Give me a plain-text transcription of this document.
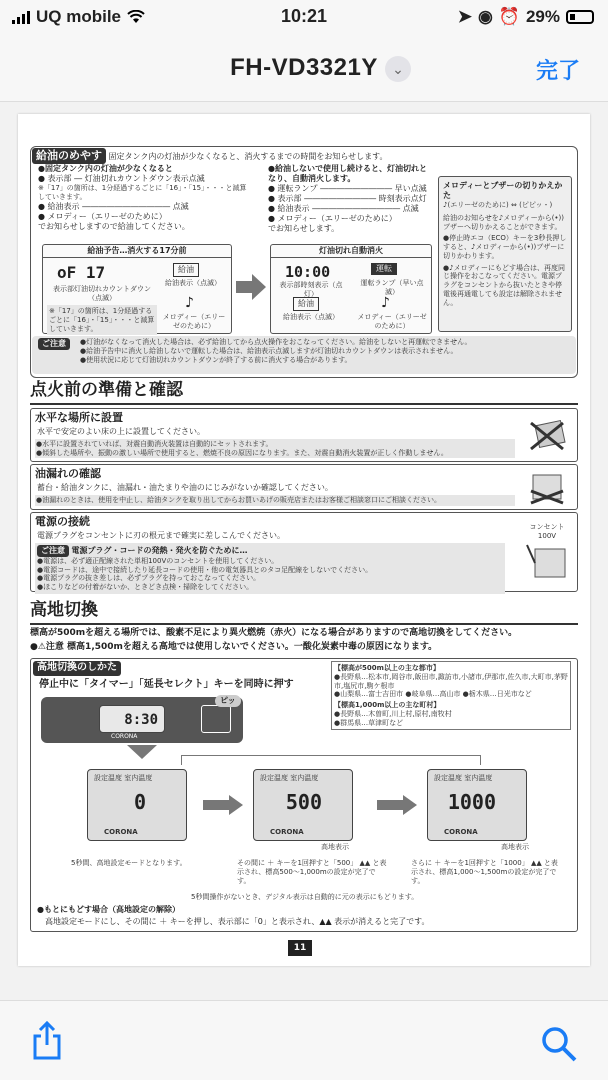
UQ mobile	10:21	➤ ◉ ⏰ 29%
FH-VD3321Y	⌄	完了
給油のめやす 固定タンク内の灯油が少なくなると、消火するまでの時間をお知らせします。
●固定タンク内の灯油が少なくなると
● 表示部 ― 灯油切れカウントダウン表示点滅
※「17」の箇所は、1分経過するごとに「16」・「15」・・・と減算していきます。
● 給油表示 ――――――――――― 点滅
● メロディー（エリーゼのために）
でお知らせしますので給油してください。
●給油しないで使用し続けると、灯油切れとなり、自動消火します。
● 運転ランプ ――――――――― 早い点滅
● 表示部 ――――――――― 時刻表示点灯
● 給油表示 ――――――――――― 点滅
● メロディー（エリーゼのために）
でお知らせします。
給油予告…消火する17分前
oF 17
表示部灯油切れカウントダウン（点滅）
※「17」の箇所は、1分経過するごとに「16」・「15」・・・と減算していきます。
給油
給油表示（点滅）
♪
メロディー（エリーゼのために）
灯油切れ自動消火
10:00
表示部時刻表示（点灯）
運転
運転ランプ（早い点滅）
給油
給油表示（点滅）
♪
メロディー（エリーゼのために）
メロディーとブザーの切りかえかた
♪(エリーゼのために) ⇔ (ピピッ・)
給油のお知らせを♪メロディーから(•))ブザーへ切りかえることができます。
●停止時エコ（ECO）キーを3秒長押しすると、♪メロディーから(•))ブザーに切りかわります。
●♪メロディーにもどす場合は、再度同じ操作をおこなってください。電源プラグをコンセントから抜いたときや停電後再通電しても設定は解除されません。
ご注意	●灯油がなくなって消火した場合は、必ず給油してから点火操作をおこなってください。給油をしないと再運転できません。
●給油予告中に消火し給油しないで運転した場合は、給油表示点滅しますが灯油切れカウントダウンは表示されません。
●使用状況に応じて灯油切れカウントダウンが終了する前に消火する場合があります。
点火前の準備と確認
水平な場所に設置
水平で安定のよい床の上に設置してください。
●水平に設置されていれば、対震自動消火装置は自動的にセットされます。
●傾斜した場所や、振動の激しい場所で使用すると、燃焼不良の原因になります。また、対震自動消火装置が正しく作動しません。
油漏れの確認
蓄台・給油タンクに、油漏れ・油たまりや油のにじみがないか確認してください。
●油漏れのときは、使用を中止し、給油タンクを取り出してからお買いあげの販売店またはお客様ご相談窓口にご相談ください。
電源の接続
電源プラグをコンセントに刃の根元まで確実に差しこんでください。
ご注意 電源プラグ・コードの発熱・発火を防ぐために…
●電源は、必ず適正配線された単相100Vのコンセントを使用してください。
●電源コードは、途中で接続したり延長コードの使用・他の電気器具とのタコ足配線をしないでください。
●電源プラグの抜き差しは、必ずプラグを持っておこなってください。
●ほこりなどの付着がないか、ときどき点検・掃除をしてください。
コンセント 100V
高地切換
標高が500mを超える場所では、酸素不足により異火燃焼（赤火）になる場合がありますので高地切換をしてください。
●⚠注意 標高1,500mを超える高地では使用しないでください。一酸化炭素中毒の原因になります。
高地切換のしかた
停止中に「タイマー」「延長セレクト」キーを同時に押す
8:30
CORONA
ピッ
【標高が500m以上の主な都市】
●長野県…松本市,岡谷市,飯田市,諏訪市,小諸市,伊那市,佐久市,大町市,茅野市,塩尻市,駒ケ根市
●山梨県…富士吉田市 ●岐阜県…高山市 ●栃木県…日光市など
【標高1,000m以上の主な町村】
●長野県…木曽町,川上村,原村,南牧村
●群馬県…草津町など
設定温度 室内温度
0
CORONA
設定温度 室内温度
500
CORONA
設定温度 室内温度
1000
CORONA
高地表示	高地表示
5秒間、高地設定モードとなります。	その間に ＋ キーを1回押すと「500」 ▲▲ と表示され、標高500～1,000mの設定が完了です。
さらに ＋ キーを1回押すと「1000」 ▲▲ と表示され、標高1,000～1,500mの設定が完了です。
5秒間操作がないとき、デジタル表示は自動的に元の表示にもどります。
●もとにもどす場合（高地設定の解除）
高地設定モードにし、その間に ＋ キーを押し、表示部に「0」と表示され、▲▲ 表示が消えると完了です。
11
